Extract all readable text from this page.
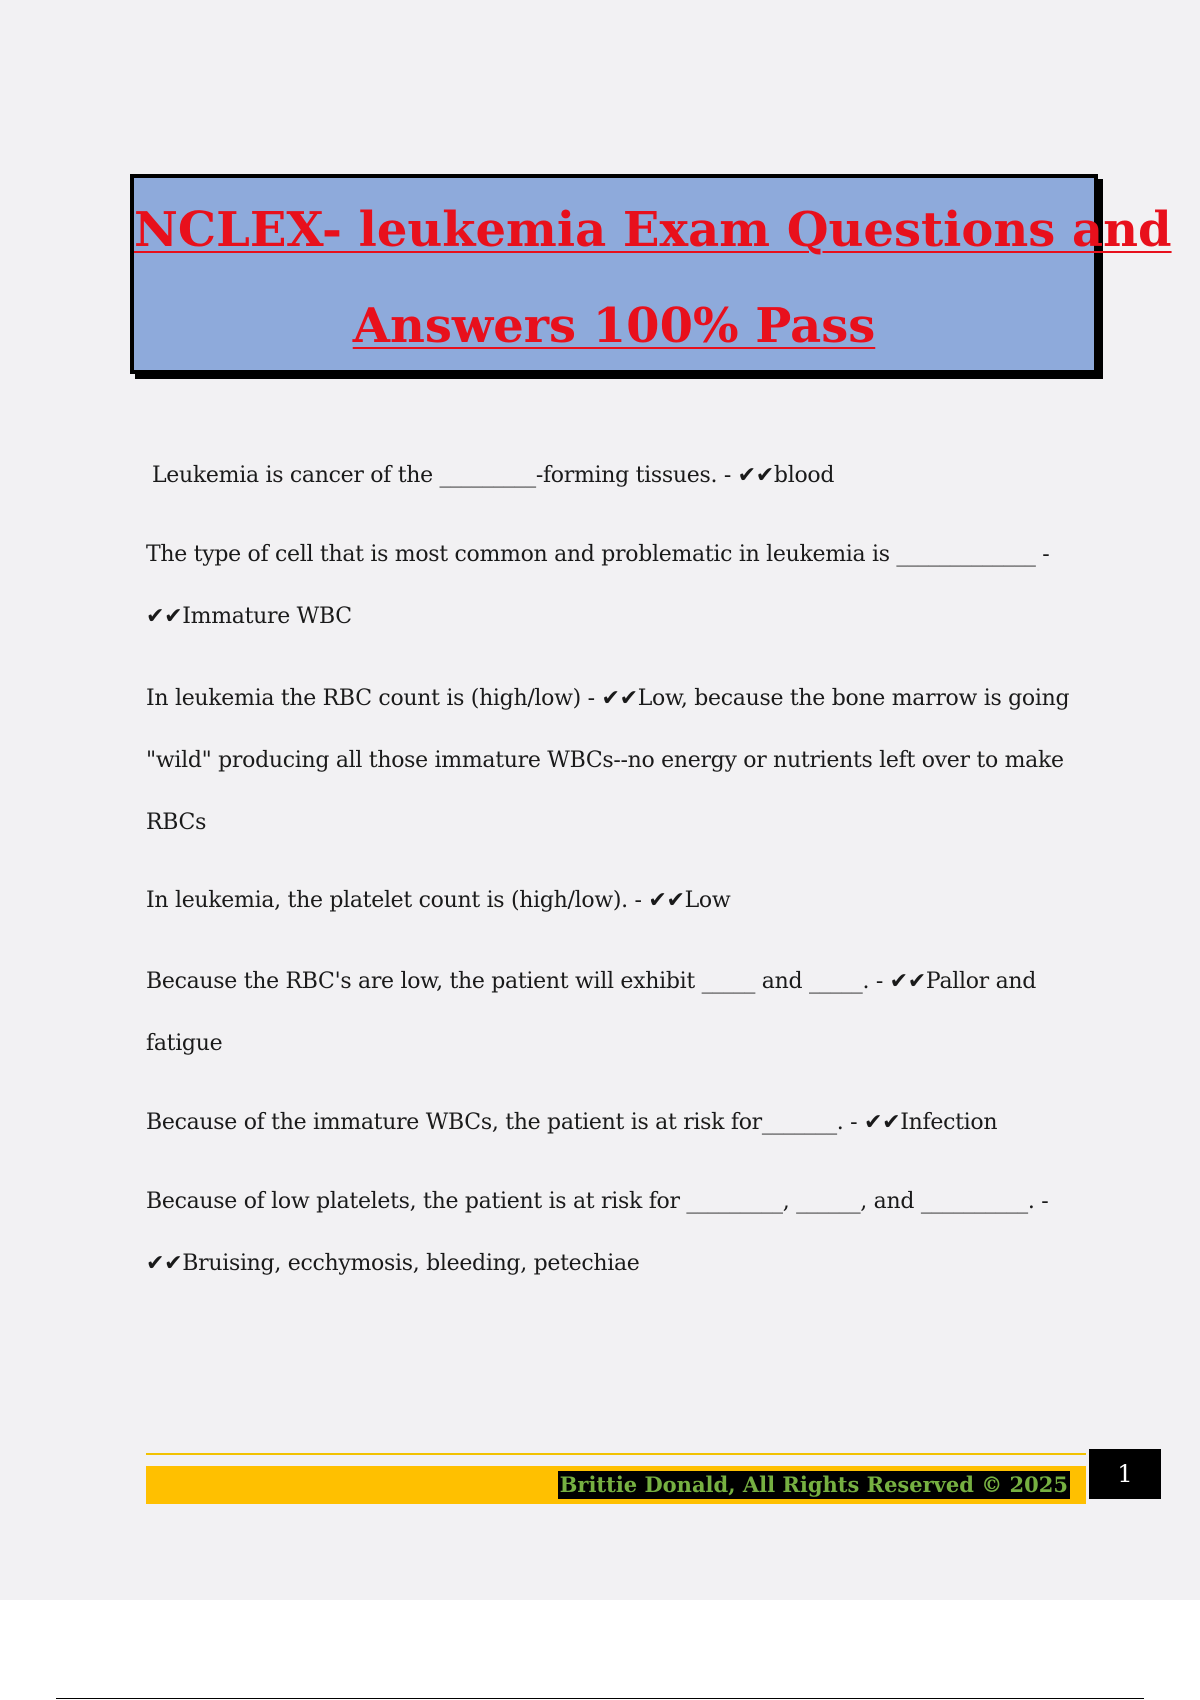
NCLEX- leukemia Exam Questions and
Answers 100% Pass

Leukemia is cancer of the _________-forming tissues. - ✔✔blood

The type of cell that is most common and problematic in leukemia is _____________ - ✔✔Immature WBC

In leukemia the RBC count is (high/low) - ✔✔Low, because the bone marrow is going "wild" producing all those immature WBCs--no energy or nutrients left over to make RBCs

In leukemia, the platelet count is (high/low). - ✔✔Low

Because the RBC's are low, the patient will exhibit _____ and _____. - ✔✔Pallor and fatigue

Because of the immature WBCs, the patient is at risk for_______. - ✔✔Infection

Because of low platelets, the patient is at risk for _________, ______, and __________. - ✔✔Bruising, ecchymosis, bleeding, petechiae

Brittie Donald, All Rights Reserved © 2025	1
